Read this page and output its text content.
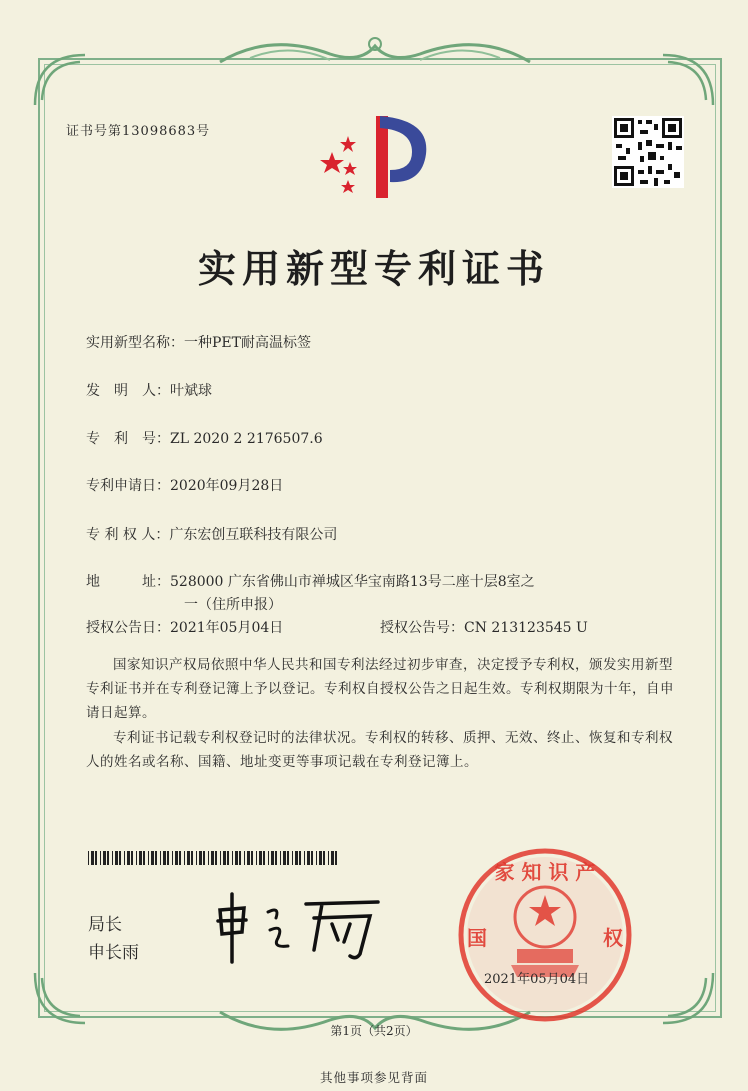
证书号第13098683号
实用新型专利证书
实用新型名称：一种PET耐高温标签
发　明　人：叶斌球
专　利　号：ZL 2020 2 2176507.6
专利申请日：2020年09月28日
专 利 权 人：广东宏创互联科技有限公司
地　　　址：528000 广东省佛山市禅城区华宝南路13号二座十层8室之
一（住所申报）
授权公告日：2021年05月04日	授权公告号：CN 213123545 U
国家知识产权局依照中华人民共和国专利法经过初步审查，决定授予专利权，颁发实用新型专利证书并在专利登记簿上予以登记。专利权自授权公告之日起生效。专利权期限为十年，自申请日起算。
专利证书记载专利权登记时的法律状况。专利权的转移、质押、无效、终止、恢复和专利权人的姓名或名称、国籍、地址变更等事项记载在专利登记簿上。
局长
申长雨
家 知 识 产
国	权
2021年05月04日
第1页（共2页）
其他事项参见背面
